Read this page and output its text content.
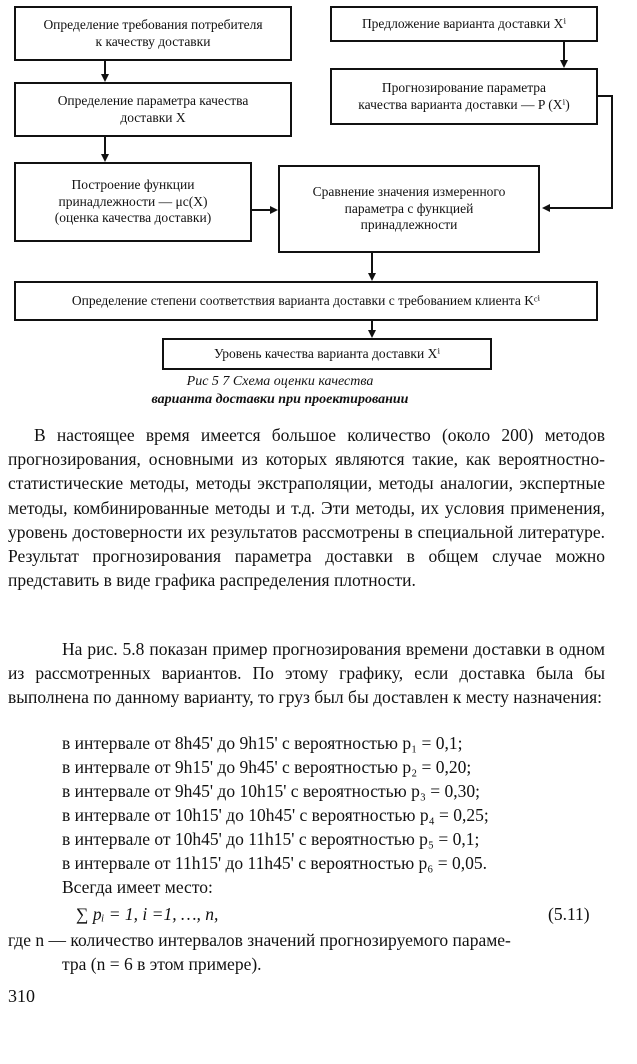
Определение требования потребителя
к качеству доставки
Определение параметра качества
доставки X
Построение функции
принадлежности — μc(X)
(оценка качества доставки)
Предложение варианта доставки Xⁱ
Прогнозирование параметра
качества варианта доставки — P (Xⁱ)
Сравнение значения измеренного
параметра с функцией
принадлежности
Определение степени соответствия варианта доставки с требованием клиента Kᶜⁱ
Уровень качества варианта доставки Xⁱ
Рис 5 7 Схема оценки качества
варианта доставки при проектировании
В настоящее время имеется большое количество (около 200) методов прогнозирования, основными из которых являются такие, как вероятностно-статистические методы, методы экстраполяции, методы аналогии, экспертные методы, комбинированные методы и т.д. Эти методы, их условия применения, уровень достоверности их результатов рассмотрены в специальной литературе. Результат прогнозирования параметра доставки в общем случае можно представить в виде графика распределения плотности.
На рис. 5.8 показан пример прогнозирования времени доставки в одном из рассмотренных вариантов. По этому графику, если доставка была бы выполнена по данному варианту, то груз был бы доставлен к месту назначения:
в интервале от 8h45' до 9h15' с вероятностью p₁ = 0,1;
в интервале от 9h15' до 9h45' с вероятностью p₂ = 0,20;
в интервале от 9h45' до 10h15' с вероятностью p₃ = 0,30;
в интервале от 10h15' до 10h45' с вероятностью p₄ = 0,25;
в интервале от 10h45' до 11h15' с вероятностью p₅ = 0,1;
в интервале от 11h15' до 11h45' с вероятностью p₆ = 0,05.
Всегда имеет место:
∑ pᵢ = 1, i =1, …, n,	(5.11)
где n — количество интервалов значений прогнозируемого параме-
тра (n = 6 в этом примере).
310
